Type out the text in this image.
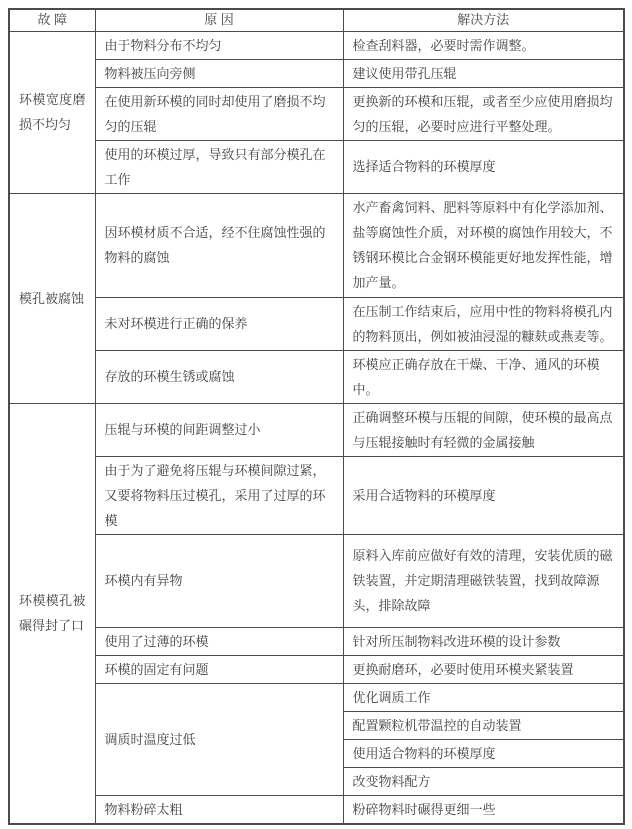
故 障	原 因	解决方法
环模宽度磨损不均匀	由于物料分布不均匀	检查刮料器，必要时需作调整。
	物料被压向旁侧	建议使用带孔压辊
	在使用新环模的同时却使用了磨损不均匀的压辊	更换新的环模和压辊，或者至少应使用磨损均匀的压辊，必要时应进行平整处理。
	使用的环模过厚，导致只有部分模孔在工作	选择适合物料的环模厚度
模孔被腐蚀	因环模材质不合适，经不住腐蚀性强的物料的腐蚀	水产畜禽饲料、肥料等原料中有化学添加剂、盐等腐蚀性介质，对环模的腐蚀作用较大，不锈钢环模比合金钢环模能更好地发挥性能，增加产量。
	未对环模进行正确的保养	在压制工作结束后，应用中性的物料将模孔内的物料顶出，例如被油浸湿的糠麸或燕麦等。
	存放的环模生锈或腐蚀	环模应正确存放在干燥、干净、通风的环模中。
环模模孔被碾得封了口	压辊与环模的间距调整过小	正确调整环模与压辊的间隙，使环模的最高点与压辊接触时有轻微的金属接触
	由于为了避免将压辊与环模间隙过紧，又要将物料压过模孔，采用了过厚的环模	采用合适物料的环模厚度
	环模内有异物	原料入库前应做好有效的清理，安装优质的磁铁装置，并定期清理磁铁装置，找到故障源头，排除故障
	使用了过薄的环模	针对所压制物料改进环模的设计参数
	环模的固定有问题	更换耐磨环，必要时使用环模夹紧装置
	调质时温度过低	优化调质工作
		配置颗粒机带温控的自动装置
		使用适合物料的环模厚度
		改变物料配方
	物料粉碎太粗	粉碎物料时碾得更细一些
